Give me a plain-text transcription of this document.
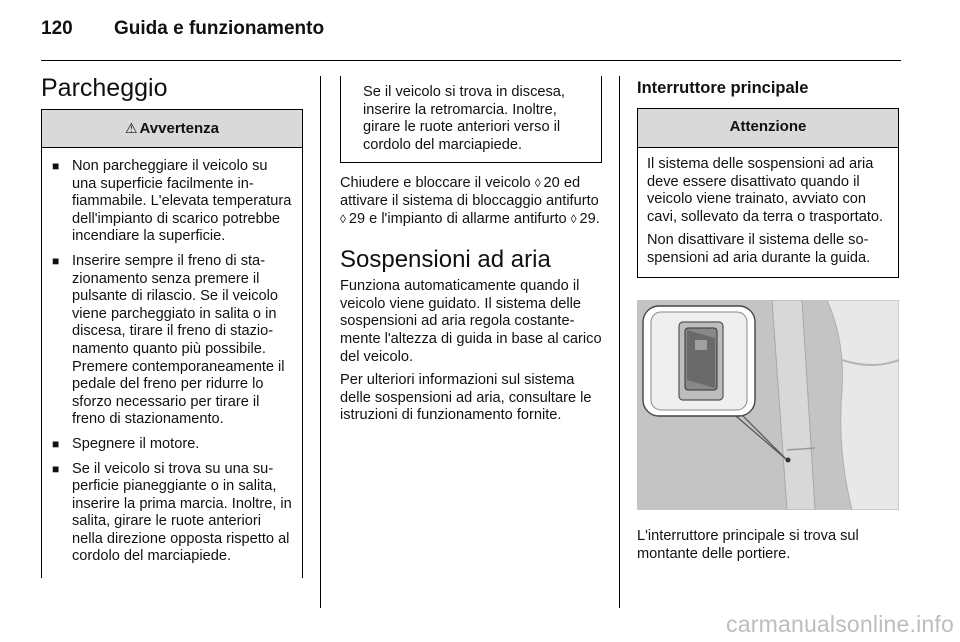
120 Guida e funzionamento
Parcheggio
⚠ Avvertenza
■ Non parcheggiare il veicolo su una superficie facilmente infiammabile. L'elevata temperatura dell'impianto di scarico potrebbe incendiare la superficie.
■ Inserire sempre il freno di stazionamento senza premere il pulsante di rilascio. Se il veicolo viene parcheggiato in salita o in discesa, tirare il freno di stazionamento quanto più possibile. Premere contemporaneamente il pedale del freno per ridurre lo sforzo necessario per tirare il freno di stazionamento.
■ Spegnere il motore.
■ Se il veicolo si trova su una superficie pianeggiante o in salita, inserire la prima marcia. Inoltre, in salita, girare le ruote anteriori nella direzione opposta rispetto al cordolo del marciapiede.
Se il veicolo si trova in discesa, inserire la retromarcia. Inoltre, girare le ruote anteriori verso il cordolo del marciapiede.

Chiudere e bloccare il veicolo ◊  20 ed attivare il sistema di bloccaggio antifurto ◊  29 e l'impianto di allarme antifurto ◊  29.

Sospensioni ad aria

Funziona automaticamente quando il veicolo viene guidato. Il sistema delle sospensioni ad aria regola costantemente l'altezza di guida in base al carico del veicolo.

Per ulteriori informazioni sul sistema delle sospensioni ad aria, consultare le istruzioni di funzionamento fornite.

Interruttore principale
Attenzione

Il sistema delle sospensioni ad aria deve essere disattivato quando il veicolo viene trainato, avviato con cavi, sollevato da terra o trasportato.

Non disattivare il sistema delle sospensioni ad aria durante la guida.

L'interruttore principale si trova sul montante delle portiere.

carmanualsonline.info
